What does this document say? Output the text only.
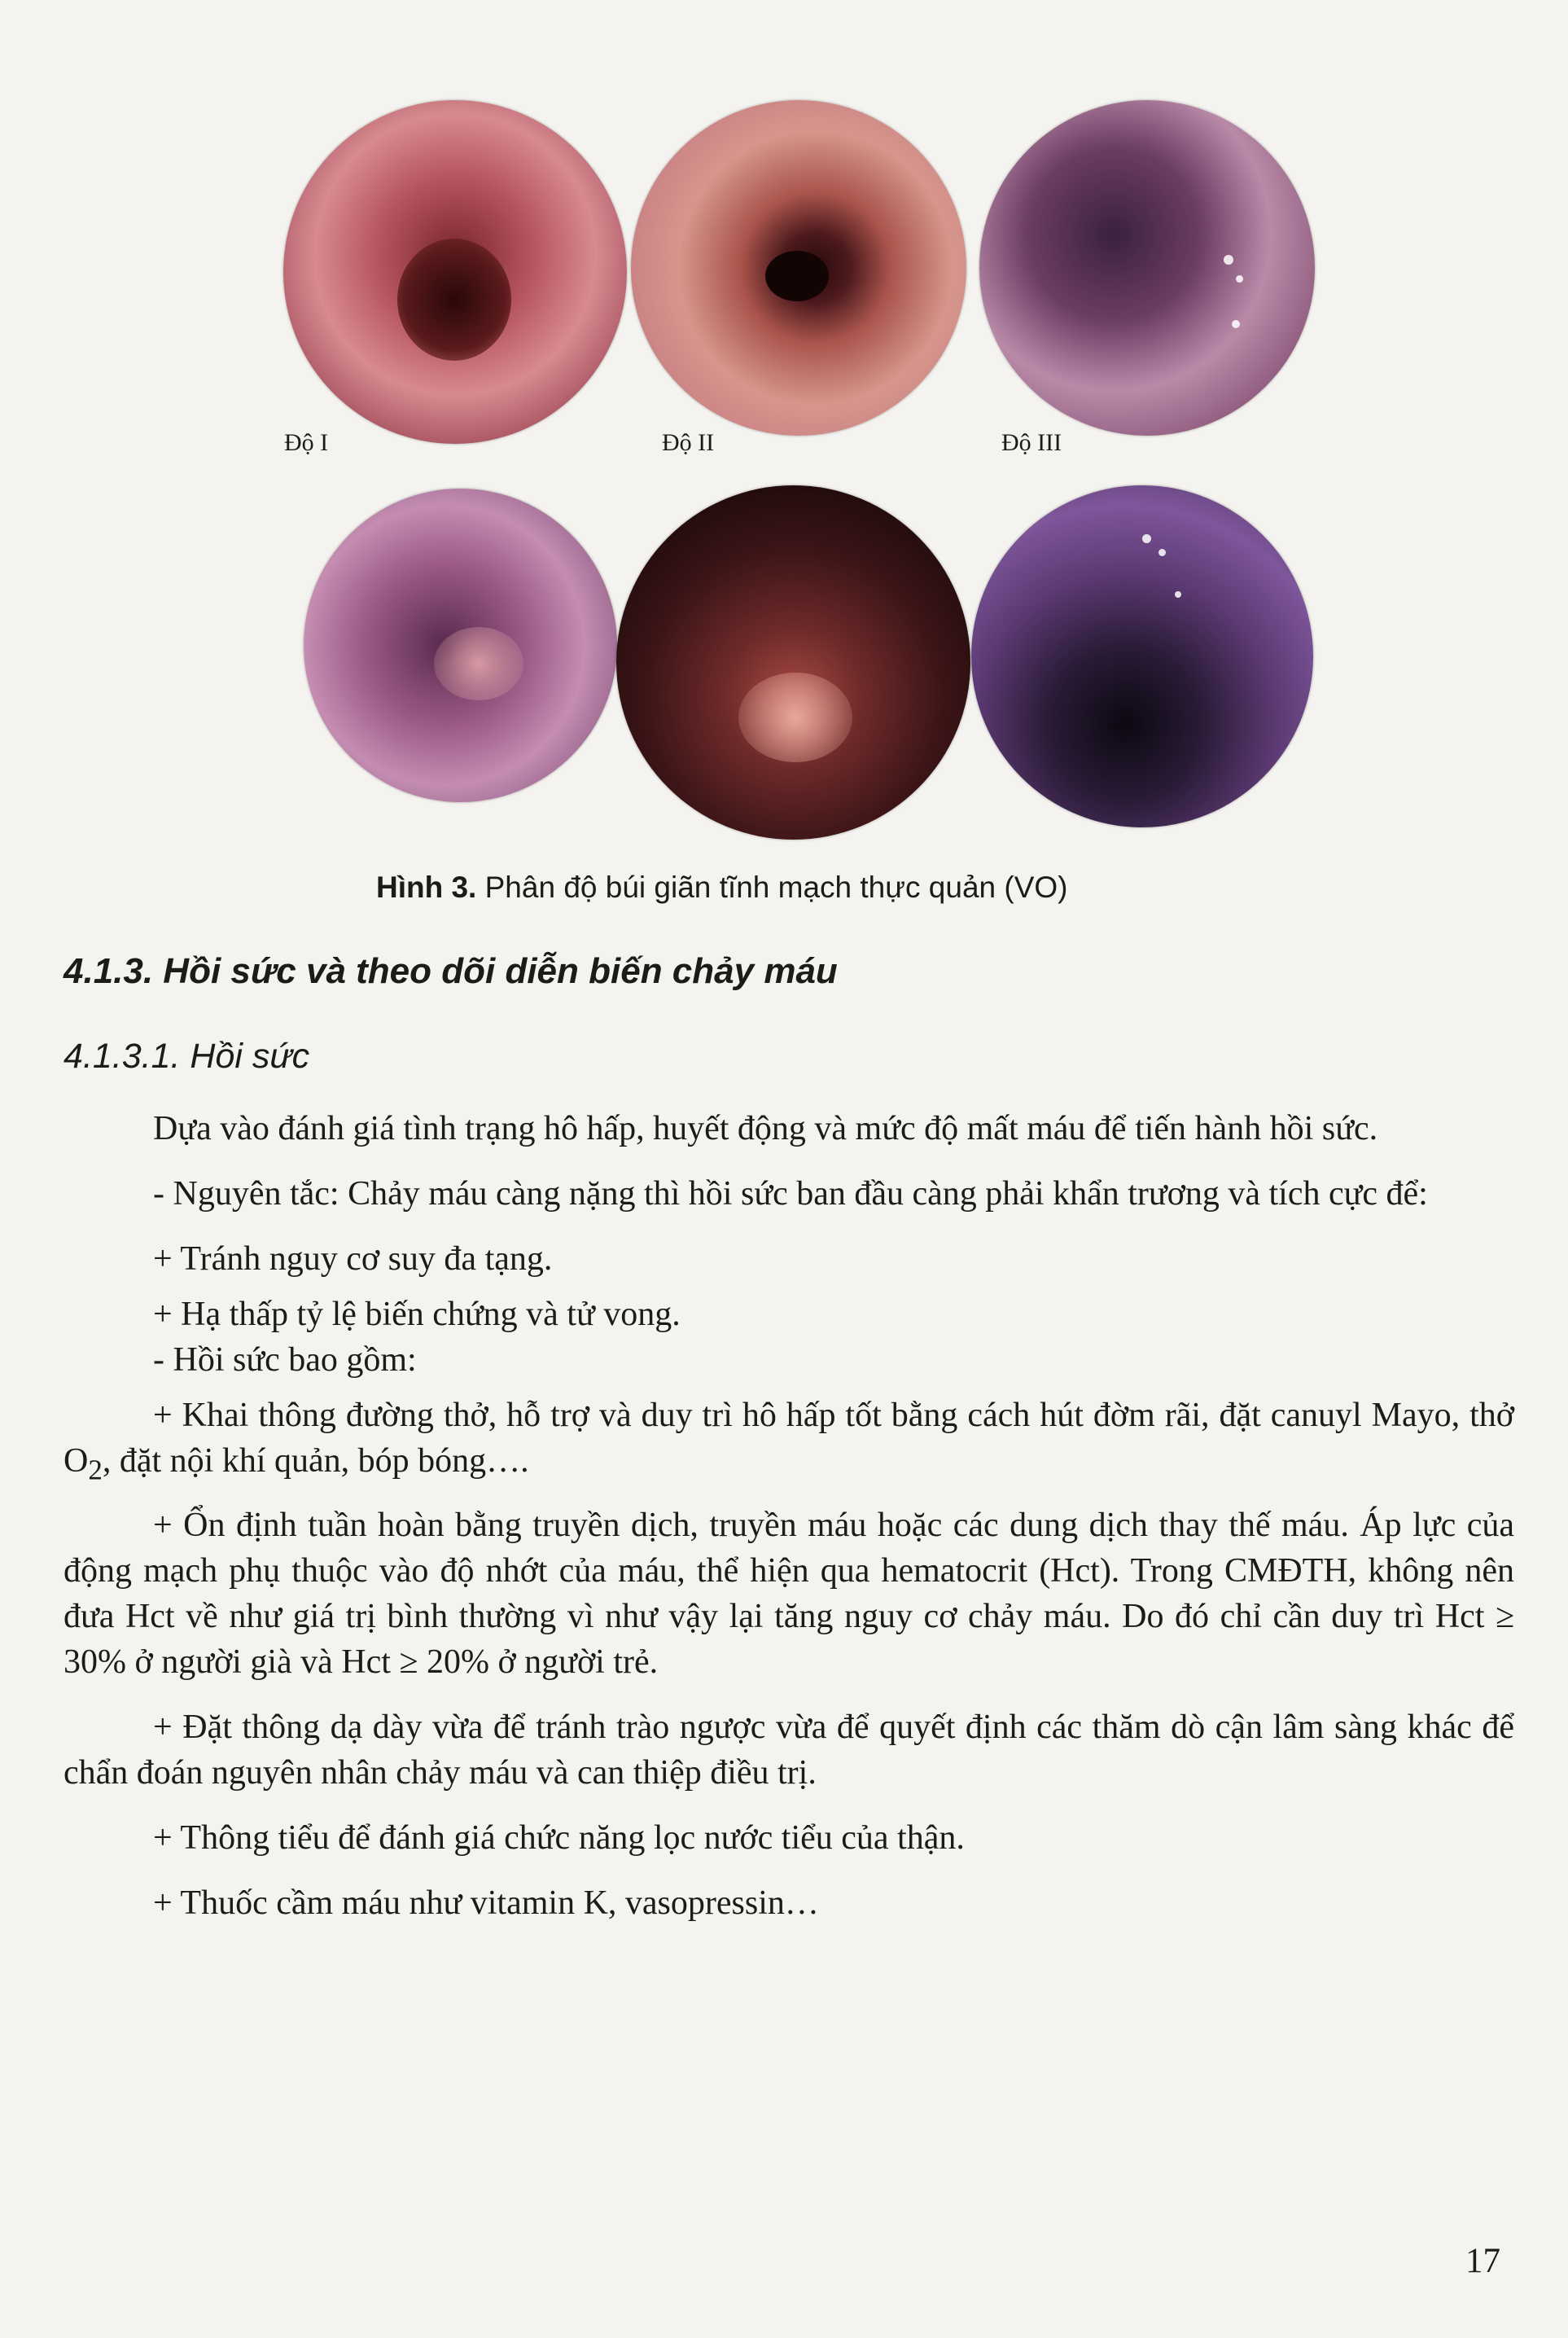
Độ I	Độ II	Độ III
Hình 3. Phân độ búi giãn tĩnh mạch thực quản (VO)
4.1.3. Hồi sức và theo dõi diễn biến chảy máu
4.1.3.1. Hồi sức

Dựa vào đánh giá tình trạng hô hấp, huyết động và mức độ mất máu để tiến hành hồi sức.

- Nguyên tắc: Chảy máu càng nặng thì hồi sức ban đầu càng phải khẩn trương và tích cực để:

+ Tránh nguy cơ suy đa tạng.

+ Hạ thấp tỷ lệ biến chứng và tử vong.

- Hồi sức bao gồm:

+ Khai thông đường thở, hỗ trợ và duy trì hô hấp tốt bằng cách hút đờm rãi, đặt canuyl Mayo, thở $O_2$, đặt nội khí quản, bóp bóng….

+ Ổn định tuần hoàn bằng truyền dịch, truyền máu hoặc các dung dịch thay thế máu. Áp lực của động mạch phụ thuộc vào độ nhớt của máu, thể hiện qua hematocrit (Hct). Trong CMĐTH, không nên đưa Hct về như giá trị bình thường vì như vậy lại tăng nguy cơ chảy máu. Do đó chỉ cần duy trì Hct ≥ 30% ở người già và Hct ≥ 20% ở người trẻ.

+ Đặt thông dạ dày vừa để tránh trào ngược vừa để quyết định các thăm dò cận lâm sàng khác để chẩn đoán nguyên nhân chảy máu và can thiệp điều trị.

+ Thông tiểu để đánh giá chức năng lọc nước tiểu của thận.

+ Thuốc cầm máu như vitamin K, vasopressin…

17
